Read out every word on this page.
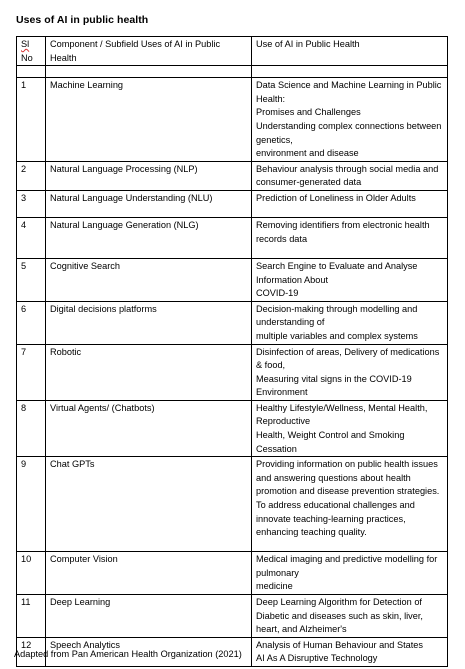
Uses of AI in public health
Sl
No	Component / Subfield Uses of AI in Public Health	Use of AI in Public Health

1	Machine Learning	Data Science and Machine Learning in Public Health:
Promises and Challenges
Understanding complex connections between genetics,
environment and disease

2	Natural Language Processing (NLP)	Behaviour analysis through social media and consumer-generated data

3	Natural Language Understanding (NLU)	Prediction of Loneliness in Older Adults

4	Natural Language Generation (NLG)	Removing identifiers from electronic health records data

5	Cognitive Search	Search Engine to Evaluate and Analyse Information About
COVID-19

6	Digital decisions platforms	Decision-making through modelling and understanding of
multiple variables and complex systems

7	Robotic	Disinfection of areas, Delivery of medications & food,
Measuring vital signs in the COVID-19 Environment

8	Virtual Agents/ (Chatbots)	Healthy Lifestyle/Wellness, Mental Health, Reproductive
Health, Weight Control and Smoking Cessation

9	Chat GPTs	Providing information on public health issues and answering questions about health promotion and disease prevention strategies.
To address educational challenges and innovate teaching-learning practices, enhancing teaching quality.

10	Computer Vision	Medical imaging and predictive modelling for pulmonary
medicine

11	Deep Learning	Deep Learning Algorithm for Detection of Diabetic and diseases such as skin, liver, heart, and Alzheimer's

12	Speech Analytics	Analysis of Human Behaviour and States
AI As A Disruptive Technology
Adapted from Pan American Health Organization (2021)
